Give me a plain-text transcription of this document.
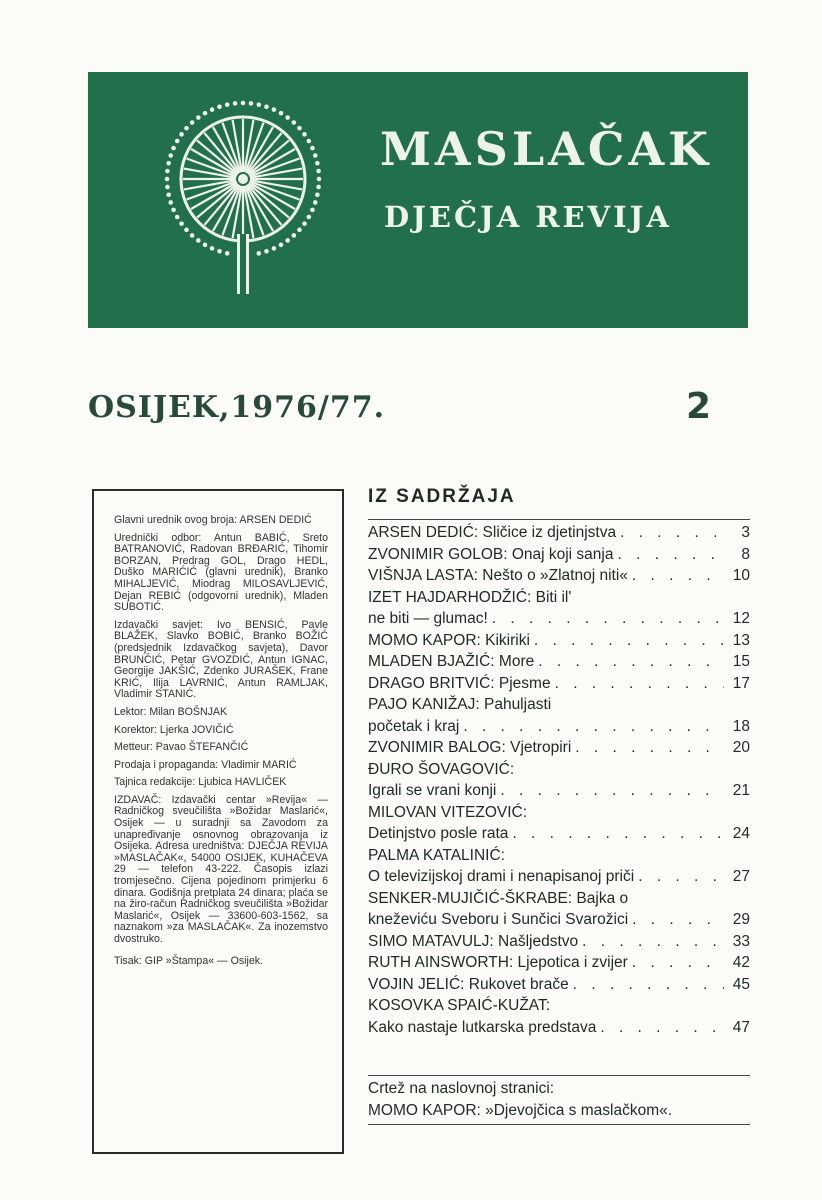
MASLAČAK
DJEČJA REVIJA
OSIJEK,1976/77.	2

Glavni urednik ovog broja: ARSEN DEDIĆ

Urednički odbor: Antun BABIĆ, Sreto BATRANOVIĆ, Radovan BRĐARIĆ, Tihomir BORZAN, Predrag GOL, Drago HEDL, Duško MARIĆIĆ (glavni urednik), Branko MIHALJEVIĆ, Miodrag MILOSAVLJEVIĆ, Dejan REBIĆ (odgovorni urednik), Mladen SUBOTIĆ.

Izdavački savjet: Ivo BENSIĆ, Pavle BLAŽEK, Slavko BOBIĆ, Branko BOŽIĆ (predsjednik Izdavačkog savjeta), Davor BRUNČIĆ, Petar GVOZDIĆ, Antun IGNAC, Georgije JAKŠIĆ, Zdenko JURAŠEK, Frane KRIĆ, Ilija LAVRNIĆ, Antun RAMLJAK, Vladimir STANIĆ.

Lektor: Milan BOŠNJAK

Korektor: Ljerka JOVIČIĆ

Metteur: Pavao ŠTEFANČIĆ

Prodaja i propaganda: Vladimir MARIĆ

Tajnica redakcije: Ljubica HAVLIČEK

IZDAVAČ: Izdavački centar »Revija« — Radničkog sveučilišta »Božidar Maslarić«, Osijek — u suradnji sa Zavodom za unapređivanje osnovnog obrazovanja iz Osijeka. Adresa uredništva: DJEČJA REVIJA »MASLAČAK«, 54000 OSIJEK, KUHAČEVA 29 — telefon 43-222. Časopis izlazi tromjesečno. Cijena pojedinom primjerku 6 dinara. Godišnja pretplata 24 dinara; plaća se na žiro-račun Radničkog sveučilišta »Božidar Maslarić«, Osijek — 33600-603-1562, sa naznakom »za MASLAČAK«. Za inozemstvo dvostruko.

Tisak: GIP »Štampa« — Osijek.

IZ SADRŽAJA
ARSEN DEDIĆ: Sličice iz djetinjstva . . .	3
ZVONIMIR GOLOB: Onaj koji sanja . . .	8
VIŠNJA LASTA: Nešto o »Zlatnoj niti« . . .	10
IZET HAJDARHODŽIĆ: Biti il'
ne biti — glumac! . . .	12
MOMO KAPOR: Kikiriki . . .	13
MLADEN BJAŽIĆ: More . . .	15
DRAGO BRITVIĆ: Pjesme . . .	17
PAJO KANIŽAJ: Pahuljasti
početak i kraj . . .	18
ZVONIMIR BALOG: Vjetropiri . . .	20
ĐURO ŠOVAGOVIĆ:
Igrali se vrani konji . . .	21
MILOVAN VITEZOVIĆ:
Detinjstvo posle rata . . .	24
PALMA KATALINIĆ:
O televizijskoj drami i nenapisanoj priči . . .	27
SENKER-MUJIČIĆ-ŠKRABE: Bajka o
kneževiću Sveboru i Sunčici Svarožici . . .	29
SIMO MATAVULJ: Našljedstvo . . .	33
RUTH AINSWORTH: Ljepotica i zvijer . . .	42
VOJIN JELIĆ: Rukovet brače . . .	45
KOSOVKA SPAIĆ-KUŽAT:
Kako nastaje lutkarska predstava . . .	47
Crtež na naslovnoj stranici:
MOMO KAPOR: »Djevojčica s maslačkom«.
